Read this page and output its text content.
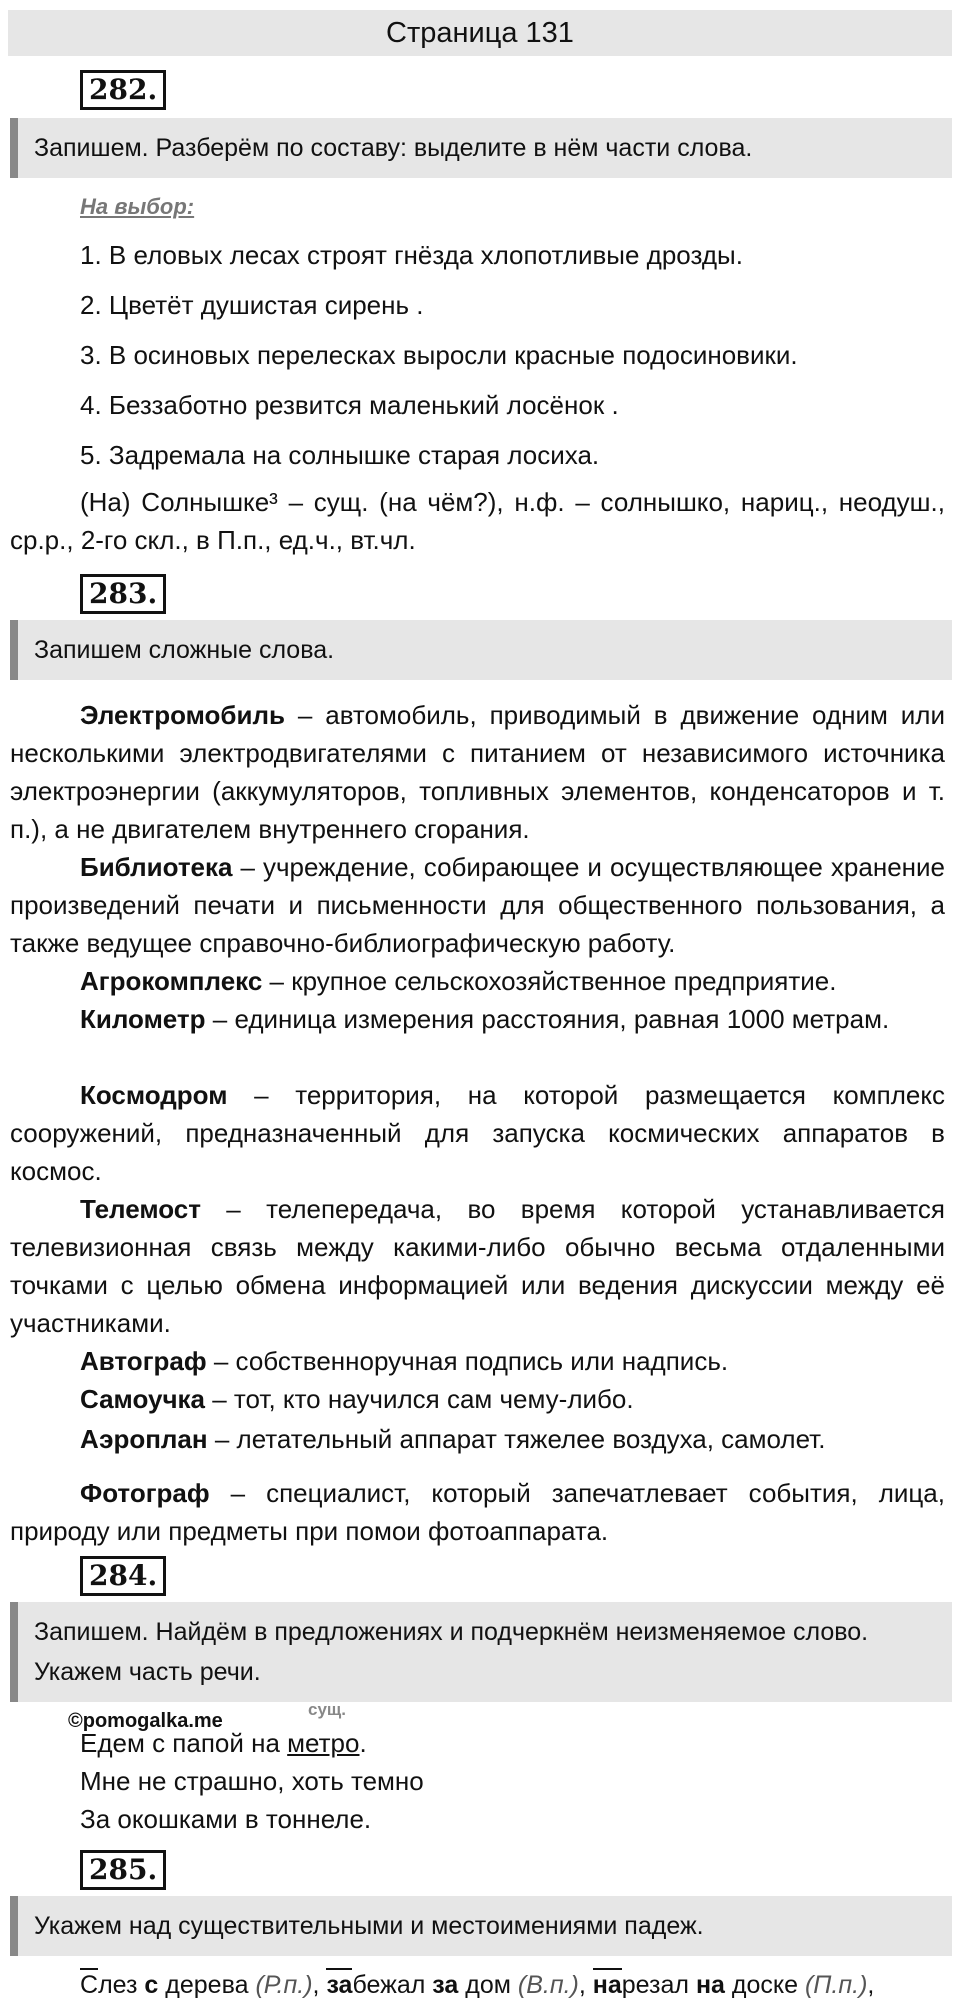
Страница 131
282.
Запишем. Разберём по составу: выделите в нём части слова.
На выбор:
1. В еловых лесах строят гнёзда хлопотливые дрозды.
2. Цветёт душистая сирень .
3. В осиновых перелесках выросли красные подосиновики.
4. Беззаботно резвится маленький лосёнок .
5. Задремала на солнышке старая лосиха.
(На) Солнышке³ – сущ. (на чём?), н.ф. – солнышко, нариц., неодуш., ср.р., 2-го скл., в П.п., ед.ч., вт.чл.
283.
Запишем сложные слова.
Электромобиль – автомобиль, приводимый в движение одним или несколькими электродвигателями с питанием от независимого источника электроэнергии (аккумуляторов, топливных элементов, конденсаторов и т. п.), а не двигателем внутреннего сгорания.
Библиотека – учреждение, собирающее и осуществляющее хранение произведений печати и письменности для общественного пользования, а также ведущее справочно-библиографическую работу.
Агрокомплекс – крупное сельскохозяйственное предприятие.
Километр – единица измерения расстояния, равная 1000 метрам.
Космодром – территория, на которой размещается комплекс сооружений, предназначенный для запуска космических аппаратов в космос.
Телемост – телепередача, во время которой устанавливается телевизионная связь между какими-либо обычно весьма отдаленными точками с целью обмена информацией или ведения дискуссии между её участниками.
Автограф – собственноручная подпись или надпись.
Самоучка – тот, кто научился сам чему-либо.
Аэроплан – летательный аппарат тяжелее воздуха, самолет.
Фотограф – специалист, который запечатлевает события, лица, природу или предметы при помои фотоаппарата.
284.
Запишем. Найдём в предложениях и подчеркнём неизменяемое слово. Укажем часть речи.
©pomogalka.me
сущ.
Едем с папой на метро.
Мне не страшно, хоть темно
За окошками в тоннеле.
285.
Укажем над существительными и местоимениями падеж.
Слез с дерева (Р.п.), забежал за дом (В.п.), нарезал на доске (П.п.),
